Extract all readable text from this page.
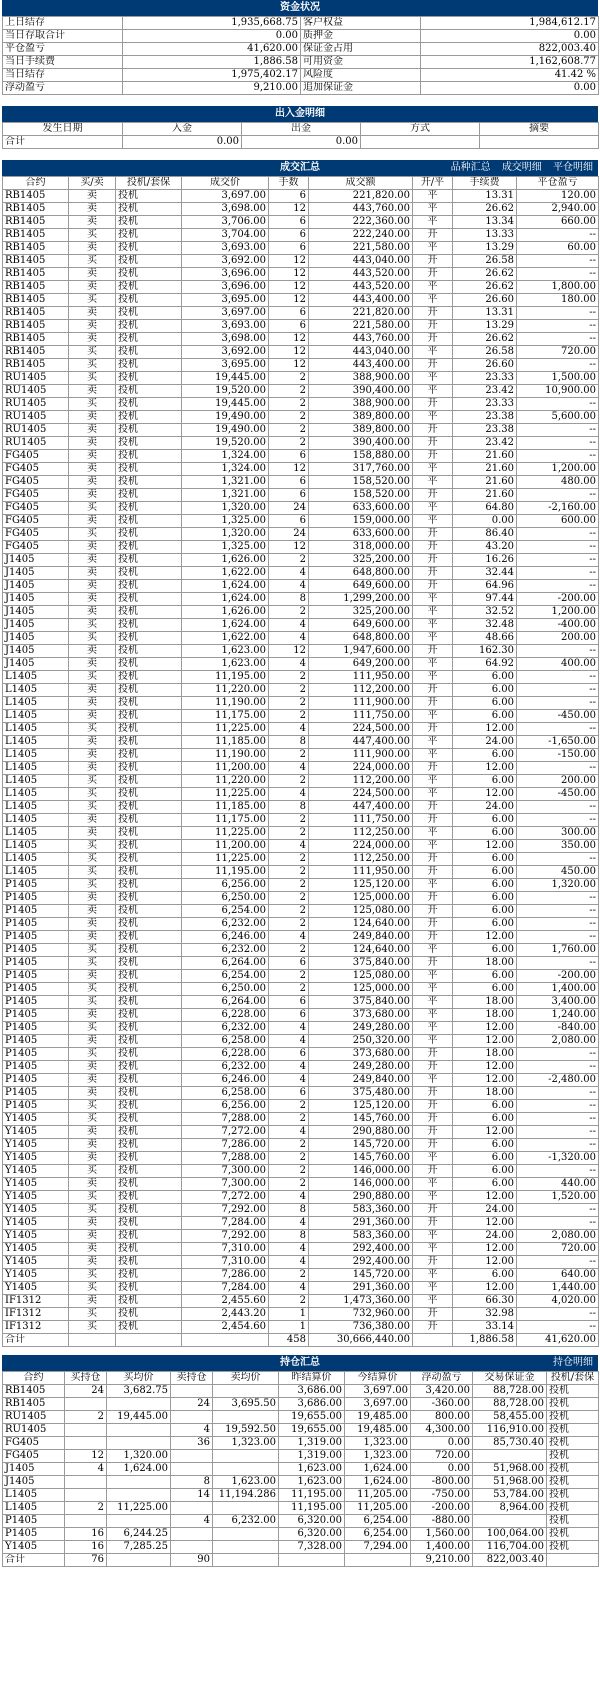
资金状况
上日结存	1,935,668.75	客户权益	1,984,612.17
当日存取合计	0.00	质押金	0.00
平仓盈亏	41,620.00	保证金占用	822,003.40
当日手续费	1,886.58	可用资金	1,162,608.77
当日结存	1,975,402.17	风险度	41.42 %
浮动盈亏	9,210.00	追加保证金	0.00
出入金明细
发生日期	入金	出金	方式	摘要
合计	0.00	0.00		
成交汇总	品种汇总 成交明细 平仓明细
合约	买/卖	投机/套保	成交价	手数	成交额	开/平	手续费	平仓盈亏
RB1405	卖	投机	3,697.00	6	221,820.00	平	13.31	120.00
RB1405	卖	投机	3,698.00	12	443,760.00	平	26.62	2,940.00
RB1405	卖	投机	3,706.00	6	222,360.00	平	13.34	660.00
RB1405	买	投机	3,704.00	6	222,240.00	开	13.33	--
RB1405	卖	投机	3,693.00	6	221,580.00	平	13.29	60.00
RB1405	买	投机	3,692.00	12	443,040.00	开	26.58	--
RB1405	卖	投机	3,696.00	12	443,520.00	开	26.62	--
RB1405	卖	投机	3,696.00	12	443,520.00	平	26.62	1,800.00
RB1405	买	投机	3,695.00	12	443,400.00	平	26.60	180.00
RB1405	卖	投机	3,697.00	6	221,820.00	开	13.31	--
RB1405	卖	投机	3,693.00	6	221,580.00	开	13.29	--
RB1405	卖	投机	3,698.00	12	443,760.00	开	26.62	--
RB1405	买	投机	3,692.00	12	443,040.00	平	26.58	720.00
RB1405	买	投机	3,695.00	12	443,400.00	开	26.60	--
RU1405	买	投机	19,445.00	2	388,900.00	平	23.33	1,500.00
RU1405	卖	投机	19,520.00	2	390,400.00	平	23.42	10,900.00
RU1405	买	投机	19,445.00	2	388,900.00	开	23.33	--
RU1405	卖	投机	19,490.00	2	389,800.00	平	23.38	5,600.00
RU1405	卖	投机	19,490.00	2	389,800.00	开	23.38	--
RU1405	卖	投机	19,520.00	2	390,400.00	开	23.42	--
FG405	卖	投机	1,324.00	6	158,880.00	开	21.60	--
FG405	卖	投机	1,324.00	12	317,760.00	平	21.60	1,200.00
FG405	卖	投机	1,321.00	6	158,520.00	平	21.60	480.00
FG405	卖	投机	1,321.00	6	158,520.00	开	21.60	--
FG405	买	投机	1,320.00	24	633,600.00	平	64.80	-2,160.00
FG405	卖	投机	1,325.00	6	159,000.00	平	0.00	600.00
FG405	买	投机	1,320.00	24	633,600.00	开	86.40	--
FG405	卖	投机	1,325.00	12	318,000.00	开	43.20	--
J1405	卖	投机	1,626.00	2	325,200.00	开	16.26	--
J1405	卖	投机	1,622.00	4	648,800.00	开	32.44	--
J1405	卖	投机	1,624.00	4	649,600.00	开	64.96	--
J1405	卖	投机	1,624.00	8	1,299,200.00	平	97.44	-200.00
J1405	卖	投机	1,626.00	2	325,200.00	平	32.52	1,200.00
J1405	买	投机	1,624.00	4	649,600.00	平	32.48	-400.00
J1405	买	投机	1,622.00	4	648,800.00	平	48.66	200.00
J1405	卖	投机	1,623.00	12	1,947,600.00	开	162.30	--
J1405	卖	投机	1,623.00	4	649,200.00	平	64.92	400.00
L1405	买	投机	11,195.00	2	111,950.00	平	6.00	--
L1405	卖	投机	11,220.00	2	112,200.00	开	6.00	--
L1405	卖	投机	11,190.00	2	111,900.00	开	6.00	--
L1405	卖	投机	11,175.00	2	111,750.00	平	6.00	-450.00
L1405	买	投机	11,225.00	4	224,500.00	开	12.00	--
L1405	卖	投机	11,185.00	8	447,400.00	平	24.00	-1,650.00
L1405	卖	投机	11,190.00	2	111,900.00	平	6.00	-150.00
L1405	卖	投机	11,200.00	4	224,000.00	开	12.00	--
L1405	买	投机	11,220.00	2	112,200.00	平	6.00	200.00
L1405	买	投机	11,225.00	4	224,500.00	平	12.00	-450.00
L1405	买	投机	11,185.00	8	447,400.00	开	24.00	--
L1405	卖	投机	11,175.00	2	111,750.00	开	6.00	--
L1405	卖	投机	11,225.00	2	112,250.00	平	6.00	300.00
L1405	买	投机	11,200.00	4	224,000.00	平	12.00	350.00
L1405	买	投机	11,225.00	2	112,250.00	开	6.00	--
L1405	买	投机	11,195.00	2	111,950.00	开	6.00	450.00
P1405	买	投机	6,256.00	2	125,120.00	平	6.00	1,320.00
P1405	卖	投机	6,250.00	2	125,000.00	开	6.00	--
P1405	卖	投机	6,254.00	2	125,080.00	开	6.00	--
P1405	卖	投机	6,232.00	2	124,640.00	开	6.00	--
P1405	卖	投机	6,246.00	4	249,840.00	开	12.00	--
P1405	买	投机	6,232.00	2	124,640.00	平	6.00	1,760.00
P1405	买	投机	6,264.00	6	375,840.00	开	18.00	--
P1405	卖	投机	6,254.00	2	125,080.00	平	6.00	-200.00
P1405	买	投机	6,250.00	2	125,000.00	平	6.00	1,400.00
P1405	买	投机	6,264.00	6	375,840.00	平	18.00	3,400.00
P1405	卖	投机	6,228.00	6	373,680.00	平	18.00	1,240.00
P1405	买	投机	6,232.00	4	249,280.00	平	12.00	-840.00
P1405	卖	投机	6,258.00	4	250,320.00	平	12.00	2,080.00
P1405	买	投机	6,228.00	6	373,680.00	开	18.00	--
P1405	卖	投机	6,232.00	4	249,280.00	开	12.00	--
P1405	卖	投机	6,246.00	4	249,840.00	平	12.00	-2,480.00
P1405	卖	投机	6,258.00	6	375,480.00	开	18.00	--
P1405	买	投机	6,256.00	2	125,120.00	开	6.00	--
Y1405	买	投机	7,288.00	2	145,760.00	开	6.00	--
Y1405	卖	投机	7,272.00	4	290,880.00	开	12.00	--
Y1405	卖	投机	7,286.00	2	145,720.00	开	6.00	--
Y1405	卖	投机	7,288.00	2	145,760.00	平	6.00	-1,320.00
Y1405	买	投机	7,300.00	2	146,000.00	开	6.00	--
Y1405	卖	投机	7,300.00	2	146,000.00	平	6.00	440.00
Y1405	买	投机	7,272.00	4	290,880.00	平	12.00	1,520.00
Y1405	买	投机	7,292.00	8	583,360.00	开	24.00	--
Y1405	卖	投机	7,284.00	4	291,360.00	开	12.00	--
Y1405	卖	投机	7,292.00	8	583,360.00	平	24.00	2,080.00
Y1405	卖	投机	7,310.00	4	292,400.00	平	12.00	720.00
Y1405	卖	投机	7,310.00	4	292,400.00	开	12.00	--
Y1405	买	投机	7,286.00	2	145,720.00	平	6.00	640.00
Y1405	买	投机	7,284.00	4	291,360.00	平	12.00	1,440.00
IF1312	卖	投机	2,455.60	2	1,473,360.00	平	66.30	4,020.00
IF1312	买	投机	2,443.20	1	732,960.00	开	32.98	--
IF1312	买	投机	2,454.60	1	736,380.00	开	33.14	--
合计				458	30,666,440.00		1,886.58	41,620.00
持仓汇总	持仓明细
合约	买持仓	买均价	卖持仓	卖均价	昨结算价	今结算价	浮动盈亏	交易保证金	投机/套保
RB1405	24	3,682.75			3,686.00	3,697.00	3,420.00	88,728.00	投机
RB1405			24	3,695.50	3,686.00	3,697.00	-360.00	88,728.00	投机
RU1405	2	19,445.00			19,655.00	19,485.00	800.00	58,455.00	投机
RU1405			4	19,592.50	19,655.00	19,485.00	4,300.00	116,910.00	投机
FG405			36	1,323.00	1,319.00	1,323.00	0.00	85,730.40	投机
FG405	12	1,320.00			1,319.00	1,323.00	720.00		投机
J1405	4	1,624.00			1,623.00	1,624.00	0.00	51,968.00	投机
J1405			8	1,623.00	1,623.00	1,624.00	-800.00	51,968.00	投机
L1405			14	11,194.286	11,195.00	11,205.00	-750.00	53,784.00	投机
L1405	2	11,225.00			11,195.00	11,205.00	-200.00	8,964.00	投机
P1405			4	6,232.00	6,320.00	6,254.00	-880.00		投机
P1405	16	6,244.25			6,320.00	6,254.00	1,560.00	100,064.00	投机
Y1405	16	7,285.25			7,328.00	7,294.00	1,400.00	116,704.00	投机
合计	76		90				9,210.00	822,003.40	
